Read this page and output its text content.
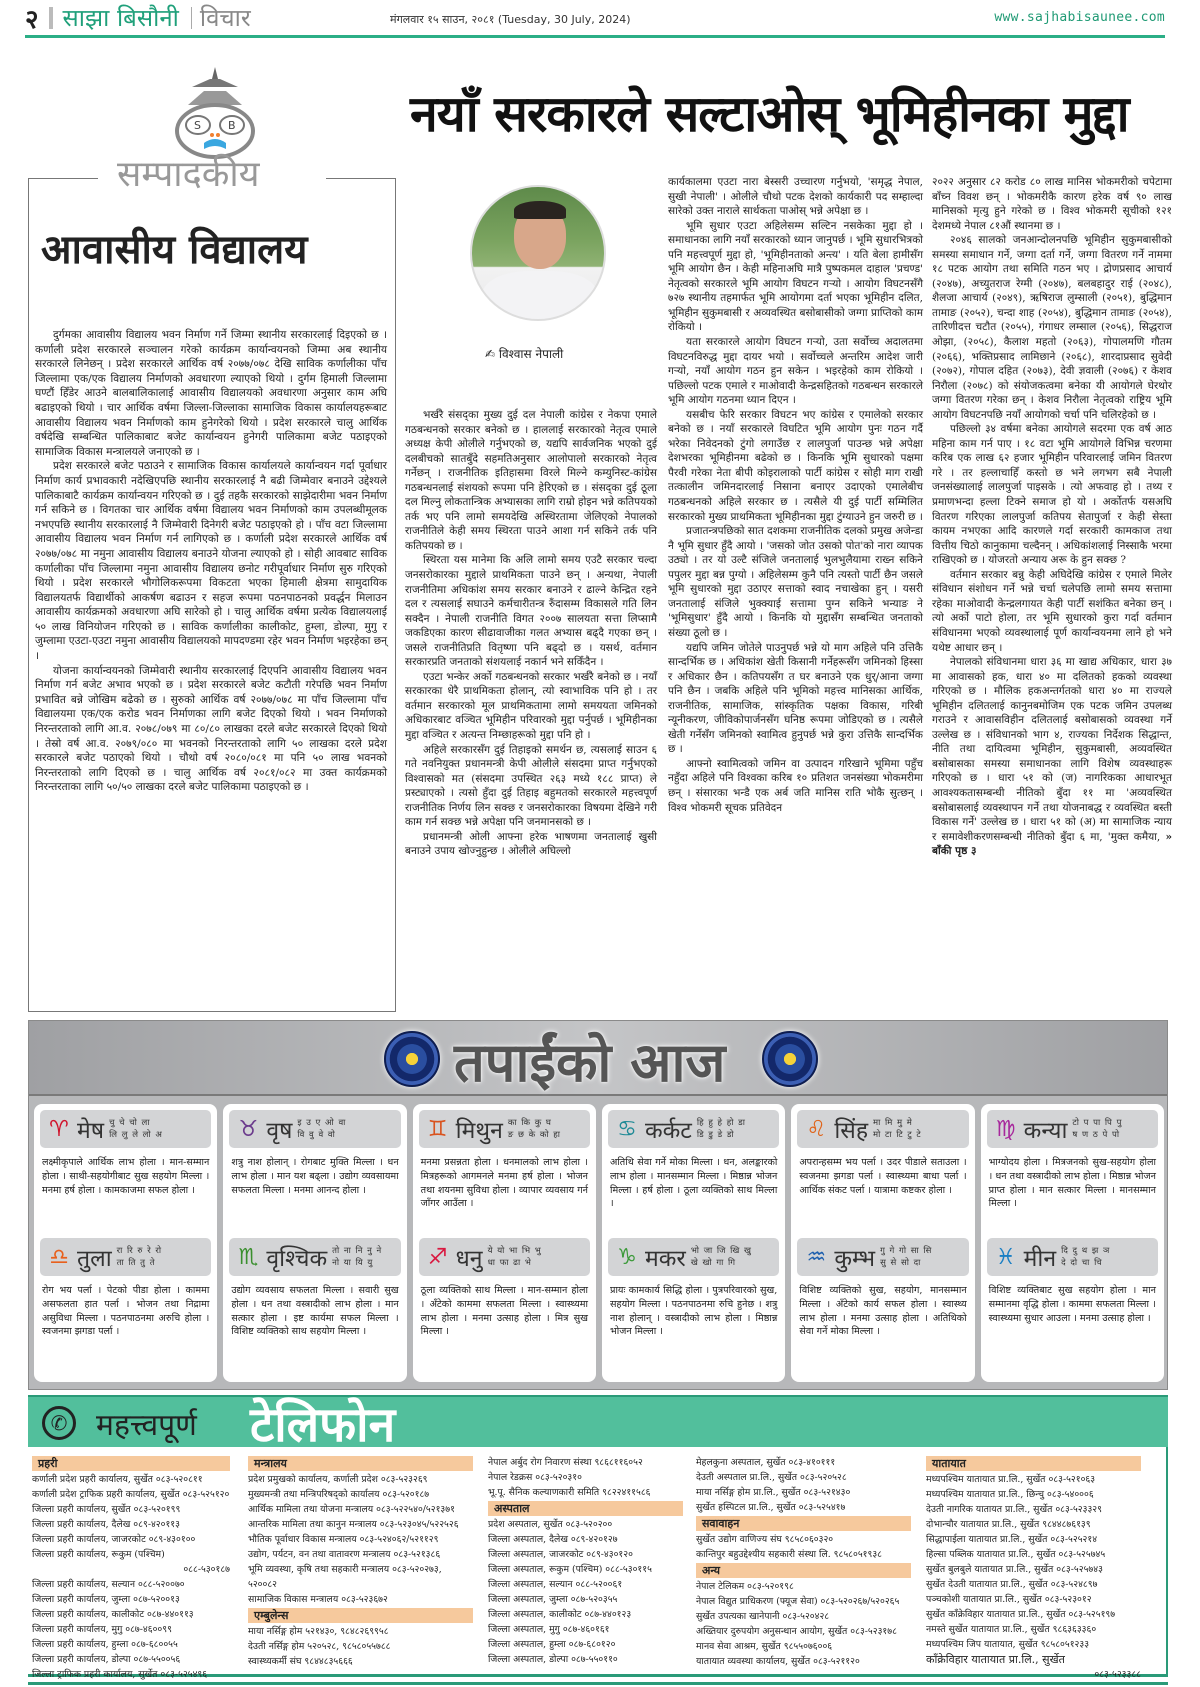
२ साझा बिसौनी विचार	मंगलवार १५ साउन, २०८१ (Tuesday, 30 July, 2024)	www.sajhabisaunee.com
S B
सम्पादकीय
आवासीय विद्यालय

दुर्गमका आवासीय विद्यालय भवन निर्माण गर्ने जिम्मा स्थानीय सरकारलाई दिइएको छ । कर्णाली प्रदेश सरकारले सञ्चालन गरेको कार्यक्रम कार्यान्वयनको जिम्मा अब स्थानीय सरकारले लिनेछन् । प्रदेश सरकारले आर्थिक वर्ष २०७७/०७८ देखि साविक कर्णालीका पाँच जिल्लामा एक/एक विद्यालय निर्माणको अवधारणा ल्याएको थियो । दुर्गम हिमाली जिल्लामा घण्टौं हिँडेर आउने बालबालिकालाई आवासीय विद्यालयको अवधारणा अनुसार काम अघि बढाइएको थियो । चार आर्थिक वर्षमा जिल्ला-जिल्लाका सामाजिक विकास कार्यालयहरूबाट आवासीय विद्यालय भवन निर्माणको काम हुनेगरेको थियो । प्रदेश सरकारले चालु आर्थिक वर्षदेखि सम्बन्धित पालिकाबाट बजेट कार्यान्वयन हुनेगरी पालिकामा बजेट पठाइएको सामाजिक विकास मन्त्रालयले जनाएको छ ।

प्रदेश सरकारले बजेट पठाउने र सामाजिक विकास कार्यालयले कार्यान्वयन गर्दा पूर्वाधार निर्माण कार्य प्रभावकारी नदेखिएपछि स्थानीय सरकारलाई नै बढी जिम्मेवार बनाउने उद्देश्यले पालिकाबाटै कार्यक्रम कार्यान्वयन गरिएको छ । दुई तहकै सरकारको साझेदारीमा भवन निर्माण गर्न सकिने छ । विगतका चार आर्थिक वर्षमा विद्यालय भवन निर्माणको काम उपलब्धीमूलक नभएपछि स्थानीय सरकारलाई नै जिम्मेवारी दिनेगरी बजेट पठाइएको हो । पाँच वटा जिल्लामा आवासीय विद्यालय भवन निर्माण गर्न लागिएको छ । कर्णाली प्रदेश सरकारले आर्थिक वर्ष २०७७/०७८ मा नमुना आवासीय विद्यालय बनाउने योजना ल्याएको हो । सोही आवबाट साविक कर्णालीका पाँच जिल्लामा नमुना आवासीय विद्यालय छनोट गरीपूर्वाधार निर्माण सुरु गरिएको थियो । प्रदेश सरकारले भौगोलिकरूपमा विकटता भएका हिमाली क्षेत्रमा सामुदायिक विद्यालयतर्फ विद्यार्थीको आकर्षण बढाउन र सहज रूपमा पठनपाठनको प्रवर्द्धन मिलाउन आवासीय कार्यक्रमको अवधारणा अघि सारेको हो । चालु आर्थिक वर्षमा प्रत्येक विद्यालयलाई ५० लाख विनियोजन गरिएको छ । साविक कर्णालीका कालीकोट, हुम्ला, डोल्पा, मुगु र जुम्लामा एउटा-एउटा नमुना आवासीय विद्यालयको मापदण्डमा रहेर भवन निर्माण भइरहेका छन् ।

योजना कार्यान्वयनको जिम्मेवारी स्थानीय सरकारलाई दिएपनि आवासीय विद्यालय भवन निर्माण गर्न बजेट अभाव भएको छ । प्रदेश सरकारले बजेट कटौती गरेपछि भवन निर्माण प्रभावित बन्ने जोखिम बढेको छ । सुरुको आर्थिक वर्ष २०७७/०७८ मा पाँच जिल्लामा पाँच विद्यालयमा एक/एक करोड भवन निर्माणका लागि बजेट दिएको थियो । भवन निर्माणको निरन्तरताको लागि आ.व. २०७८/०७९ मा ८०/८० लाखका दरले बजेट सरकारले दिएको थियो । तेस्रो वर्ष आ.व. २०७९/०८० मा भवनको निरन्तरताको लागि ५० लाखका दरले प्रदेश सरकारले बजेट पठाएको थियो । चौथो वर्ष २०८०/०८१ मा पनि ५० लाख भवनको निरन्तरताको लागि दिएको छ । चालु आर्थिक वर्ष २०८१/०८२ मा उक्त कार्यक्रमको निरन्तरताका लागि ५०/५० लाखका दरले बजेट पालिकामा पठाइएको छ ।

नयाँ सरकारले सल्टाओस् भूमिहीनका मुद्दा
✍ विश्वास नेपाली

भर्खरै संसद्का मुख्य दुई दल नेपाली कांग्रेस र नेकपा एमाले गठबन्धनको सरकार बनेको छ । हाललाई सरकारको नेतृत्व एमाले अध्यक्ष केपी ओलीले गर्नुभएको छ, यद्यपि सार्वजनिक भएको दुई दलबीचको सातबुँदे सहमतिअनुसार आलोपालो सरकारको नेतृत्व गर्नेछन् । राजनीतिक इतिहासमा विरले मिल्ने कम्युनिस्ट-कांग्रेस गठबन्धनलाई संशयको रूपमा पनि हेरिएको छ । संसद्का दुई ठूला दल मिल्नु लोकतान्त्रिक अभ्यासका लागि राम्रो होइन भन्ने कतिपयको तर्क भए पनि लामो समयदेखि अस्थिरतामा जेलिएको नेपालको राजनीतिले केही समय स्थिरता पाउने आशा गर्न सकिने तर्क पनि कतिपयको छ ।

स्थिरता यस मानेमा कि अलि लामो समय एउटै सरकार चल्दा जनसरोकारका मुद्दाले प्राथमिकता पाउने छन् । अन्यथा, नेपाली राजनीतिमा अधिकांश समय सरकार बनाउने र ढाल्ने केन्द्रित रहने दल र त्यसलाई सघाउने कर्मचारीतन्त्र रुँदासम्म विकासले गति लिन सक्दैन । नेपाली राजनीति विगत २००७ सालयता सत्ता लिप्सामै जकडिएका कारण सीढावाजीका गलत अभ्यास बढ्दै गएका छन् । जसले राजनीतिप्रति वितृष्णा पनि बढ्दो छ । यसर्थ, वर्तमान सरकारप्रति जनताको संशयलाई नकार्न भने सकिँदैन ।

एउटा भन्केर अर्को गठबन्धनको सरकार भर्खरै बनेको छ । नयाँ सरकारका धेरै प्राथमिकता होलान्, त्यो स्वाभाविक पनि हो । तर वर्तमान सरकारको मूल प्राथमिकतामा लामो समययता जमिनको अधिकारबाट वञ्चित भूमिहीन परिवारको मुद्दा पर्नुपर्छ । भूमिहीनका मुद्दा वञ्चित र अत्यन्त निम्छाहरूको मुद्दा पनि हो ।

अहिले सरकारसँग दुई तिहाइको समर्थन छ, त्यसलाई साउन ६ गते नवनियुक्त प्रधानमन्त्री केपी ओलीले संसदमा प्राप्त गर्नुभएको विश्वासको मत (संसदमा उपस्थित २६३ मध्ये १८८ प्राप्त) ले प्रस्ट्याएको । त्यसो हुँदा दुई तिहाइ बहुमतको सरकारले महत्त्वपूर्ण राजनीतिक निर्णय लिन सक्छ र जनसरोकारका विषयमा देखिने गरी काम गर्न सक्छ भन्ने अपेक्षा पनि जनमानसको छ ।

प्रधानमन्त्री ओली आफ्ना हरेक भाषणमा जनतालाई खुसी बनाउने उपाय खोज्नुहुन्छ । ओलीले अघिल्लो

कार्यकालमा एउटा नारा बेस्सरी उच्चारण गर्नुभयो, 'समृद्ध नेपाल, सुखी नेपाली' । ओलीले चौथो पटक देशको कार्यकारी पद सम्हाल्दा सारेको उक्त नाराले सार्थकता पाओस् भन्ने अपेक्षा छ ।

भूमि सुधार एउटा अहिलेसम्म सल्टिन नसकेका मुद्दा हो । समाधानका लागि नयाँ सरकारको ध्यान जानुपर्छ । भूमि सुधारभित्रको पनि महत्त्वपूर्ण मुद्दा हो, 'भूमिहीनताको अन्त्य' । यति बेला हामीसँग भूमि आयोग छैन । केही महिनाअघि मात्रै पुष्पकमल दाहाल 'प्रचण्ड' नेतृत्वको सरकारले भूमि आयोग विघटन गर्‍यो । आयोग विघटनसँगै ७२७ स्थानीय तहमार्फत भूमि आयोगमा दर्ता भएका भूमिहीन दलित, भूमिहीन सुकुमबासी र अव्यवस्थित बसोबासीको जग्गा प्राप्तिको काम रोकियो ।

यता सरकारले आयोग विघटन गर्‍यो, उता सर्वोच्च अदालतमा विघटनविरुद्ध मुद्दा दायर भयो । सर्वोच्चले अन्तरिम आदेश जारी गर्‍यो, नयाँ आयोग गठन हुन सकेन । भइरहेको काम रोकियो । पछिल्लो पटक एमाले र माओवादी केन्द्रसहितको गठबन्धन सरकारले भूमि आयोग गठनमा ध्यान दिएन ।

यसबीच फेरि सरकार विघटन भए कांग्रेस र एमालेको सरकार बनेको छ । नयाँ सरकारले विघटित भूमि आयोग पुनः गठन गर्दै भरेका निवेदनको टुंगो लगाउँछ र लालपुर्जा पाउन्छ भन्ने अपेक्षा देशभरका भूमिहीनमा बढेको छ । किनकि भूमि सुधारको पक्षमा पैरवी गरेका नेता बीपी कोइरालाको पार्टी कांग्रेस र सोही माग राखी तत्कालीन जमिनदारलाई निसाना बनाएर उदाएको एमालेबीच गठबन्धनको अहिले सरकार छ । त्यसैले यी दुई पार्टी सम्मिलित सरकारको मुख्य प्राथमिकता भूमिहीनका मुद्दा टुंग्याउने हुन जरुरी छ ।

प्रजातन्त्रपछिको सात दशकमा राजनीतिक दलको प्रमुख अजेन्डा नै भूमि सुधार हुँदै आयो । 'जसको जोत उसको पोत'को नारा व्यापक उठ्यो । तर यो उल्टै संजिले जनतालाई भुलभुलैयामा राख्न सकिने पपुलर मुद्दा बन्न पुग्यो । अहिलेसम्म कुनै पनि त्यस्तो पार्टी छैन जसले भूमि सुधारको मुद्दा उठाएर सत्ताको स्वाद नचाखेका हुन् । यसरी जनतालाई संजिले भुक्क्याई सत्तामा पुग्न सकिने भन्याङ ने 'भूमिसुधार' हुँदै आयो । किनकि यो मुद्दासँग सम्बन्धित जनताको संख्या ठूलो छ ।

यद्यपि जमिन जोतेले पाउनुपर्छ भन्ने यो माग अहिले पनि उत्तिकै सान्दर्भिक छ । अधिकांश खेती किसानी गर्नेहरूसँग जमिनको हिस्सा र अधिकार छैन । कतिपयसँग त घर बनाउने एक धुर्/आना जग्गा पनि छैन । जबकि अहिले पनि भूमिको महत्त्व मानिसका आर्थिक, राजनीतिक, सामाजिक, सांस्कृतिक पक्षका विकास, गरिबी न्यूनीकरण, जीविकोपार्जनसँग घनिष्ठ रूपमा जोडिएको छ । त्यसैले खेती गर्नेसँग जमिनको स्वामित्व हुनुपर्छ भन्ने कुरा उत्तिकै सान्दर्भिक छ ।

आफ्नो स्वामित्वको जमिन वा उत्पादन गरिखाने भूमिमा पहुँच नहुँदा अहिले पनि विश्वका करिब १० प्रतिशत जनसंख्या भोकमरीमा छन् । संसारका भन्डै एक अर्ब जति मानिस राति भोकै सुत्छन् । विश्व भोकमरी सूचक प्रतिवेदन

२०२२ अनुसार ८२ करोड ८० लाख मानिस भोकमरीको चपेटामा बाँच्न विवश छन् । भोकमरीकै कारण हरेक वर्ष ९० लाख मानिसको मृत्यु हुने गरेको छ । विश्व भोकमरी सूचीको १२१ देशमध्ये नेपाल ८१औं स्थानमा छ ।

२०४६ सालको जनआन्दोलनपछि भूमिहीन सुकुमबासीको समस्या समाधान गर्ने, जग्गा दर्ता गर्ने, जग्गा वितरण गर्ने नाममा १८ पटक आयोग तथा समिति गठन भए । द्रोणप्रसाद आचार्य (२०४७), अच्युतराज रेग्मी (२०४७), बलबहादुर राई (२०४८), शैलजा आचार्य (२०४९), ऋषिराज लुम्साली (२०५१), बुद्धिमान तामाङ (२०५२), चन्दा शाह (२०५४), बुद्धिमान तामाङ (२०५४), तारिणीदत्त चटौत (२०५५), गंगाधर लम्साल (२०५६), सिद्धराज ओझा, (२०५८), कैलाश महतो (२०६३), गोपालमणि गौतम (२०६६), भक्तिप्रसाद लामिछाने (२०६८), शारदाप्रसाद सुवेदी (२०७२), गोपाल दहित (२०७३), देवी ज्ञवाली (२०७६) र केशव निरौला (२०७८) को संयोजकत्वमा बनेका यी आयोगले घेरथोर जग्गा वितरण गरेका छन् । केशव निरौला नेतृत्वको राष्ट्रिय भूमि आयोग विघटनपछि नयाँ आयोगको चर्चा पनि चलिरहेको छ ।

पछिल्लो ३४ वर्षमा बनेका आयोगले सदरमा एक वर्ष आठ महिना काम गर्न पाए । १८ वटा भूमि आयोगले विभिन्न चरणमा करिब एक लाख ६२ हजार भूमिहीन परिवारलाई जमिन वितरण गरे । तर हल्लाचाहिँ कस्तो छ भने लगभग सबै नेपाली जनसंख्यालाई लालपुर्जा पाइसके । त्यो अफवाह हो । तथ्य र प्रमाणभन्दा हल्ला टिक्ने समाज हो यो । अर्कोतर्फ यसअघि वितरण गरिएका लालपुर्जा कतिपय सेतापुर्जा र केही सेस्ता कायम नभएका आदि कारणले गर्दा सरकारी कामकाज तथा वित्तीय चिठो कानुकामा चल्दैनन् । अधिकांशलाई निस्साकै भरमा राखिएको छ । योजरतो अन्याय अरू के हुन सक्छ ?

वर्तमान सरकार बन्नु केही अघिदेखि कांग्रेस र एमाले मिलेर संविधान संशोधन गर्ने भन्ने चर्चा चलेपछि लामो समय सत्तामा रहेका माओवादी केन्द्रलगायत केही पार्टी सशंकित बनेका छन् । त्यो अर्को पाटो होला, तर भूमि सुधारको कुरा गर्दा वर्तमान संविधानमा भएको व्यवस्थालाई पूर्ण कार्यान्वयनमा लाने हो भने यथेष्ट आधार छन् ।

नेपालको संविधानमा धारा ३६ मा खाद्य अधिकार, धारा ३७ मा आवासको हक, धारा ४० मा दलितको हकको व्यवस्था गरिएको छ । मौलिक हकअन्तर्गतको धारा ४० मा राज्यले भूमिहीन दलितलाई कानुनबमोजिम एक पटक जमिन उपलब्ध गराउने र आवासविहीन दलितलाई बसोबासको व्यवस्था गर्ने उल्लेख छ । संविधानको भाग ४, राज्यका निर्देशक सिद्धान्त, नीति तथा दायित्वमा भूमिहीन, सुकुमबासी, अव्यवस्थित बसोबासका समस्या समाधानका लागि विशेष व्यवस्थाहरू गरिएको छ । धारा ५१ को (ज) नागरिकका आधारभूत आवश्यकतासम्बन्धी नीतिको बुँदा ११ मा 'अव्यवस्थित बसोबासलाई व्यवस्थापन गर्ने तथा योजनाबद्ध र व्यवस्थित बस्ती विकास गर्ने' उल्लेख छ । धारा ५१ को (अ) मा सामाजिक न्याय र समावेशीकरणसम्बन्धी नीतिको बुँदा ६ मा, 'मुक्त कमैया, » बाँकी पृष्ठ ३

तपाईंको आज
♈ मेष चु चे चो ला
लि लु ले लो अ
लक्ष्मीकृपाले आर्थिक लाभ होला । मान-सम्मान होला । साथी-सहयोगीबाट सुख सहयोग मिल्ला । मनमा हर्ष होला । कामकाजमा सफल होला ।
♎ तुला रा रि रु रे रो
ता ति तु ते
रोग भय पर्ला । पेटको पीडा होला । काममा असफलता हात पर्ला । भोजन तथा निद्रामा असुविधा मिल्ला । पठनपाठनमा अरुचि होला । स्वजनमा झगडा पर्ला ।
♉ वृष इ उ ए ओ वा
वि वु वे वो
शत्रु नाश होलान् । रोगबाट मुक्ति मिल्ला । धन लाभ होला । मान यश बढ्ला । उद्योग व्यवसायमा सफलता मिल्ला । मनमा आनन्द होला ।
♏ वृश्चिक तो ना नि नु ने
नो या यि यु
उद्योग व्यवसाय सफलता मिल्ला । सवारी सुख होला । धन तथा वस्त्रादीको लाभ होला । मान सत्कार होला । इष्ट कार्यमा सफल मिल्ला । विशिष्ट व्यक्तिको साथ सहयोग मिल्ला ।
♊ मिथुन का कि कु घ
ङ छ के को हा
मनमा प्रसन्नता होला । धनमालको लाभ होला । मित्रहरूको आगमनले मनमा हर्ष होला । भोजन तथा शयनमा सुविधा होला । व्यापार व्यवसाय गर्न जाँगर आउँला ।
♐ धनु ये यो भा भि भु
धा फा ढा भे
ठूला व्यक्तिको साथ मिल्ला । मान-सम्मान होला । अँटेको काममा सफलता मिल्ला । स्वास्थ्यमा लाभ होला । मनमा उत्साह होला । मित्र सुख मिल्ला ।
♋ कर्कट हि हु हे हो डा
डि डु डे डो
अतिथि सेवा गर्ने मोका मिल्ला । धन, अलङ्कारको लाभ होला । मानसम्मान मिल्ला । मिष्ठान्न भोजन मिल्ला । हर्ष होला । ठूला व्यक्तिको साथ मिल्ला ।
♑ मकर भो जा जि खि खु
खे खो गा गि
प्रायः कामकार्य सिद्धि होला । पुत्रपरिवारको सुख, सहयोग मिल्ला । पठनपाठनमा रुचि हुनेछ । शत्रु नाश होलान् । वस्त्रादीको लाभ होला । मिष्ठान्न भोजन मिल्ला ।
♌ सिंह मा मि मु मे
मो टा टि टु टे
अपरान्हसम्म भय पर्ला । उदर पीडाले सताउला । स्वजनमा झगडा पर्ला । स्वास्थ्यमा बाधा पर्ला । आर्थिक संकट पर्ला । यात्रामा कष्टकर होला ।
♒ कुम्भ गु गे गो सा सि
सु से सो दा
विशिष्ट व्यक्तिको सुख, सहयोग, मानसम्मान मिल्ला । अँटेको कार्य सफल होला । स्वास्थ्य लाभ होला । मनमा उत्साह होला । अतिथिको सेवा गर्ने मोका मिल्ला ।
♍ कन्या टो प पा पि पु
ष ण ठ पे पो
भाग्योदय होला । मित्रजनको सुख-सहयोग होला । धन तथा वस्त्रादीको लाभ होला । मिष्ठान्न भोजन प्राप्त होला । मान सत्कार मिल्ला । मानसम्मान मिल्ला ।
♓ मीन दि दु थ झ ञ
दे दो चा चि
विशिष्ट व्यक्तिबाट सुख सहयोग होला । मान सम्मानमा वृद्धि होला । काममा सफलता मिल्ला । स्वास्थ्यमा सुधार आउला । मनमा उत्साह होला ।
✆ महत्त्वपूर्ण टेलिफोन
प्रहरी
कर्णाली प्रदेश प्रहरी कार्यालय, सुर्खेत ०८३-५२०८११
कर्णाली प्रदेश ट्राफिक प्रहरी कार्यालय, सुर्खेत ०८३-५२५१२०
जिल्ला प्रहरी कार्यालय, सुर्खेत ०८३-५२०१९९
जिल्ला प्रहरी कार्यालय, दैलेख ०८९-४२०११३
जिल्ला प्रहरी कार्यालय, जाजरकोट ०८९-४३०१००
जिल्ला प्रहरी कार्यालय, रूकुम (पश्चिम)
०८८-५३०१८७
जिल्ला प्रहरी कार्यालय, सल्यान ०८८-५२००७०
जिल्ला प्रहरी कार्यालय, जुम्ला ०८७-५२००१३
जिल्ला प्रहरी कार्यालय, कालीकोट ०८७-४४०११३
जिल्ला प्रहरी कार्यालय, मुगु ०८७-४६००९९
जिल्ला प्रहरी कार्यालय, हुम्ला ०८७-६८००५५
जिल्ला प्रहरी कार्यालय, डोल्पा ०८७-५५००५६
जिल्ला ट्राफिक प्रहरी कार्यालय, सुर्खेत ०८३-५२५४९६
मन्त्रालय
प्रदेश प्रमुखको कार्यालय, कर्णाली प्रदेश ०८३-५२३२६९
मुख्यमन्त्री तथा मन्त्रिपरिषद्को कार्यालय ०८३-५२०१८७
आर्थिक मामिला तथा योजना मन्त्रालय ०८३-५२२५४०/५२१३७१
आन्तरिक मामिला तथा कानुन मन्त्रालय ०८३-५२३०४५/५२२५२६
भौतिक पूर्वाधार विकास मन्त्रालय ०८३-५२४०६२/५२११२९
उद्योग, पर्यटन, वन तथा वातावरण मन्त्रालय ०८३-५२१३८६
भूमि व्यवस्था, कृषि तथा सहकारी मन्त्रालय ०८३-५२०२७३, ५२००८२
सामाजिक विकास मन्त्रालय ०८३-५२३६७२
एम्बुलेन्स
माया नर्सिङ्ग होम ५२१४३०, ९८४८२६९९५८
देउती नर्सिङ्ग होम ५२०५२८, ९८५८०५५७८८
स्वास्थ्यकर्मी संघ ९८४४८३५६६६
नेपाल अर्बुद रोग निवारण संस्था ९८६८११६०५२
नेपाल रेडक्रस ०८३-५२०३१०
भू.पू. सैनिक कल्याणकारी समिति ९८२२४११५८६
अस्पताल
प्रदेश अस्पताल, सुर्खेत ०८३-५२०२००
जिल्ला अस्पताल, दैलेख ०८९-४२०१२७
जिल्ला अस्पताल, जाजरकोट ०८९-४३०१२०
जिल्ला अस्पताल, रूकुम (पश्चिम) ०८८-५३०११५
जिल्ला अस्पताल, सल्यान ०८८-५२००६१
जिल्ला अस्पताल, जुम्ला ०८७-५२०३५५
जिल्ला अस्पताल, कालीकोट ०८७-४४०१२३
जिल्ला अस्पताल, मुगु ०८७-४६०१६१
जिल्ला अस्पताल, हुम्ला ०८७-६८०१२०
जिल्ला अस्पताल, डोल्पा ०८७-५५०११०
मेहलकुना अस्पताल, सुर्खेत ०८३-४१०१११
देउती अस्पताल प्रा.लि., सुर्खेत ०८३-५२०५२८
माया नर्सिङ्ग होम प्रा.लि., सुर्खेत ०८३-५२१४३०
सुर्खेत हस्पिटल प्रा.लि., सुर्खेत ०८३-५२५४१७
सवावाहन
सुर्खेत उद्योग वाणिज्य संघ ९८५८०६०३२०
कान्तिपुर बहुउद्देश्यीय सहकारी संस्था लि. ९८५८०५१९३८
अन्य
नेपाल टेलिकम ०८३-५२०१९८
नेपाल विद्युत प्राधिकरण (फ्यूज सेवा) ०८३-५२०२६७/५२०२६५
सुर्खेत उपत्यका खानेपानी ०८३-५२०४२८
अख्तियार दुरुपयोग अनुसन्धान आयोग, सुर्खेत ०८३-५२३१७८
मानव सेवा आश्रम, सुर्खेत ९८५५०७६००६
यातायात व्यवस्था कार्यालय, सुर्खेत ०८३-५२११२०
यातायात
मध्यपश्चिम यातायात प्रा.लि., सुर्खेत ०८३-५२१०६३
मध्यपश्चिम यातायात प्रा.लि., छिन्चु ०८३-५४०००६
देउती नागरिक यातायत प्रा.लि., सुर्खेत ०८३-५२३३२९
दोभान्चौर यातायात प्रा.लि., सुर्खेत ९८४४८७६१३९
सिद्धापाईला यातायात प्रा.लि., सुर्खेत ०८३-५२५२१४
हिल्सा पब्लिक यातायात प्रा.लि., सुर्खेत ०८३-५२५७४५
सुर्खेत बुलबुले यातायात प्रा.लि., सुर्खेत ०८३-५२५७४३
सुर्खेत देउती यातायात प्रा.लि., सुर्खेत ०८३-५२४८९७
पञ्चकोशी यातायात प्रा.लि., सुर्खेत ०८३-५२३०१२
सुर्खेत काँक्रेविहार यातायात प्रा.लि., सुर्खेत ०८३-५२५१९७
नमस्ते सुर्खेत यातायात प्रा.लि., सुर्खेत ९८६३६३३६०
मध्यपश्चिम जिप यातायात, सुर्खेत ९८५८०५१२३३
काँक्रेविहार यातायात प्रा.लि., सुर्खेत
०८३-५२३३८८
